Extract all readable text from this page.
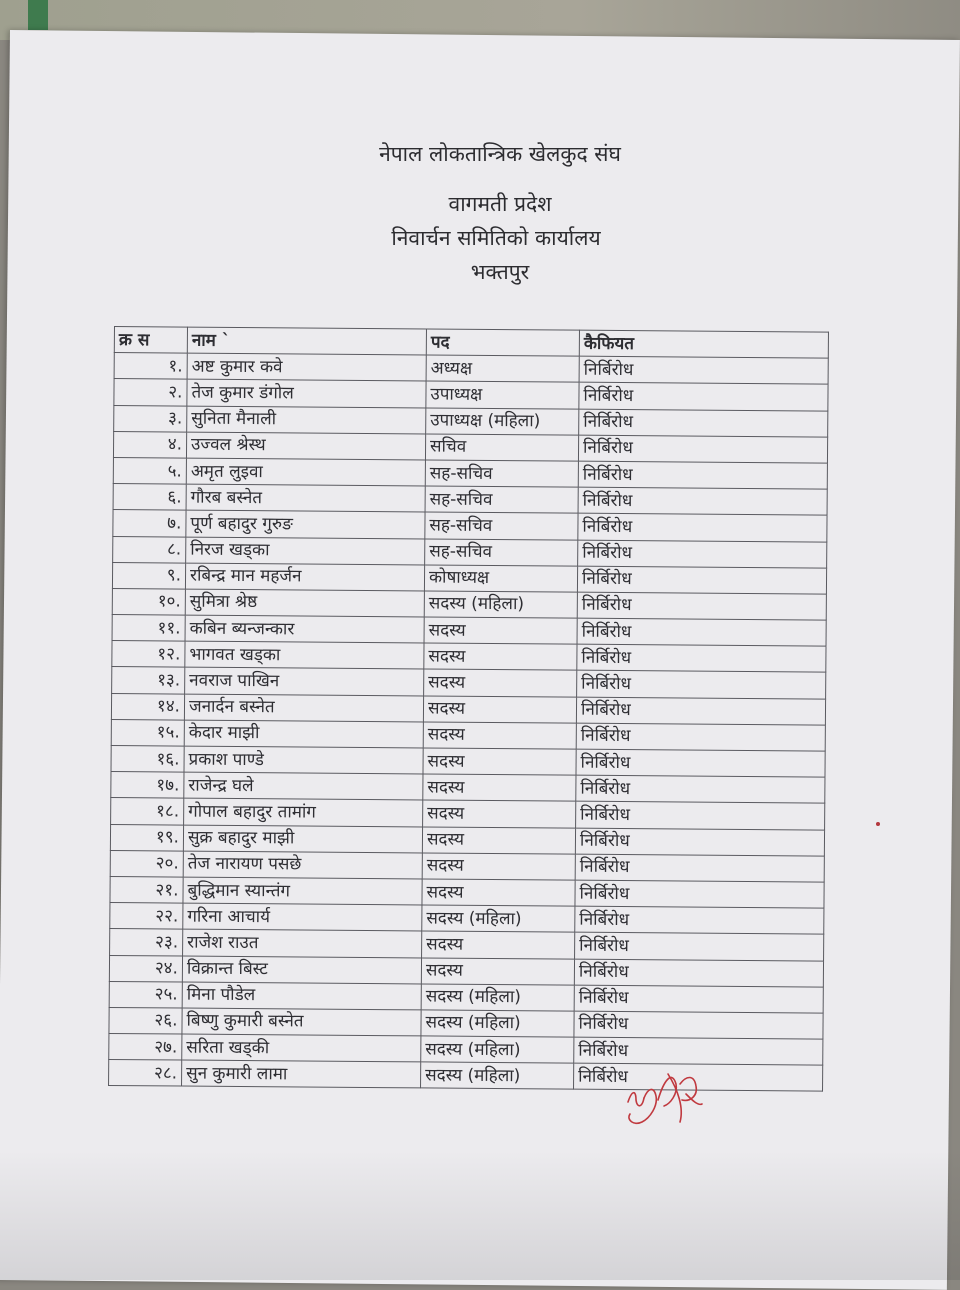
नेपाल लोकतान्त्रिक खेलकुद संघ
वागमती प्रदेश
निवार्चन समितिको कार्यालय
भक्तपुर
क्र स	नाम `	पद	कैफियत
१.	अष्ट कुमार कवे	अध्यक्ष	निर्बिरोध
२.	तेज कुमार डंगोल	उपाध्यक्ष	निर्बिरोध
३.	सुनिता मैनाली	उपाध्यक्ष (महिला)	निर्बिरोध
४.	उज्वल श्रेस्थ	सचिव	निर्बिरोध
५.	अमृत लुइवा	सह-सचिव	निर्बिरोध
६.	गौरब बस्नेत	सह-सचिव	निर्बिरोध
७.	पूर्ण बहादुर गुरुङ	सह-सचिव	निर्बिरोध
८.	निरज खड्का	सह-सचिव	निर्बिरोध
९.	रबिन्द्र मान महर्जन	कोषाध्यक्ष	निर्बिरोध
१०.	सुमित्रा श्रेष्ठ	सदस्य (महिला)	निर्बिरोध
११.	कबिन ब्यन्जन्कार	सदस्य	निर्बिरोध
१२.	भागवत खड्का	सदस्य	निर्बिरोध
१३.	नवराज पाखिन	सदस्य	निर्बिरोध
१४.	जनार्दन बस्नेत	सदस्य	निर्बिरोध
१५.	केदार माझी	सदस्य	निर्बिरोध
१६.	प्रकाश पाण्डे	सदस्य	निर्बिरोध
१७.	राजेन्द्र घले	सदस्य	निर्बिरोध
१८.	गोपाल बहादुर तामांग	सदस्य	निर्बिरोध
१९.	सुक्र बहादुर माझी	सदस्य	निर्बिरोध
२०.	तेज नारायण पसछे	सदस्य	निर्बिरोध
२१.	बुद्धिमान स्यान्तंग	सदस्य	निर्बिरोध
२२.	गरिना आचार्य	सदस्य (महिला)	निर्बिरोध
२३.	राजेश राउत	सदस्य	निर्बिरोध
२४.	विक्रान्त बिस्ट	सदस्य	निर्बिरोध
२५.	मिना पौडेल	सदस्य (महिला)	निर्बिरोध
२६.	बिष्णु कुमारी बस्नेत	सदस्य (महिला)	निर्बिरोध
२७.	सरिता खड्की	सदस्य (महिला)	निर्बिरोध
२८.	सुन कुमारी लामा	सदस्य (महिला)	निर्बिरोध
